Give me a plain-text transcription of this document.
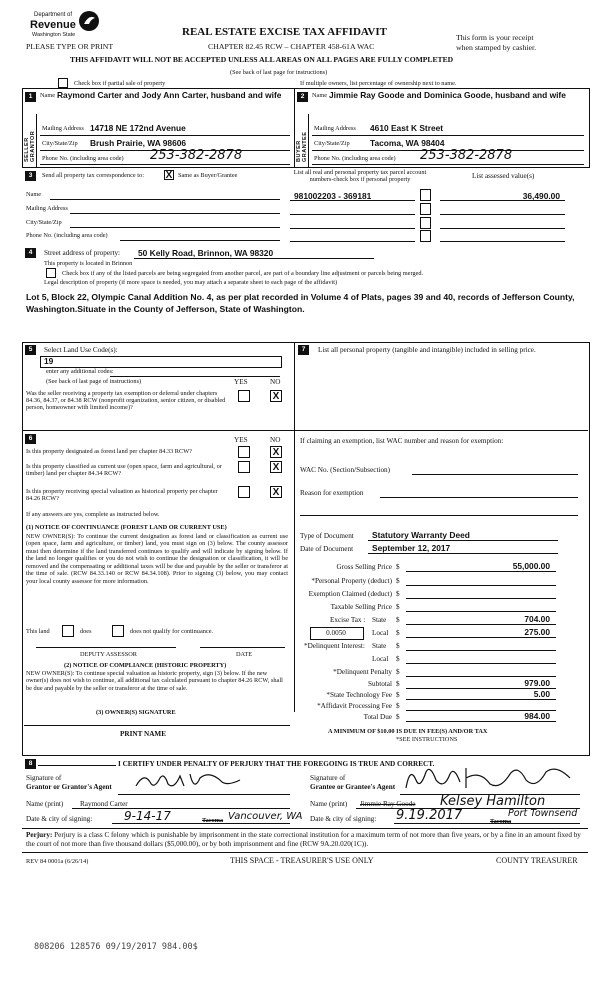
Department of
Revenue
Washington State	REAL ESTATE EXCISE TAX AFFIDAVIT
PLEASE TYPE OR PRINT	CHAPTER 82.45 RCW – CHAPTER 458-61A WAC
This form is your receipt
when stamped by cashier.
THIS AFFIDAVIT WILL NOT BE ACCEPTED UNLESS ALL AREAS ON ALL PAGES ARE FULLY COMPLETED
(See back of last page for instructions)
Check box if partial sale of property	If multiple owners, list percentage of ownership next to name.
1
SELLER GRANTOR
Name Raymond Carter and Jody Ann Carter, husband and wife
Mailing Address 14718 NE 172nd Avenue
City/State/Zip Brush Prairie, WA 98606
Phone No. (including area code) 253-382-2878
2
BUYER GRANTEE
Name Jimmie Ray Goode and Dominica Goode, husband and wife
Mailing Address 4610 East K Street
City/State/Zip Tacoma, WA 98404
Phone No. (including area code) 253-382-2878
3	Send all property tax correspondence to: X Same as Buyer/Grantee	List all real and personal property tax parcel account numbers-check box if personal property	List assessed value(s)
Name
Mailing Address
City/State/Zip
Phone No. (including area code)
981002203 - 369181	36,490.00
4	Street address of property: 50 Kelly Road, Brinnon, WA 98320
This property is located in Brinnon
Check box if any of the listed parcels are being segregated from another parcel, are part of a boundary line adjustment or parcels being merged.
Legal description of property (if more space is needed, you may attach a separate sheet to each page of the affidavit)
Lot 5, Block 22, Olympic Canal Addition No. 4, as per plat recorded in Volume 4 of Plats, pages 39 and 40, records of Jefferson County, Washington.Situate in the County of Jefferson, State of Washington.
5	Select Land Use Code(s):
19
enter any additional codes:
(See back of last page of instructions)	YES	NO
Was the seller receiving a property tax exemption or deferral under chapters 84.36, 84.37, or 84.38 RCW (nonprofit organization, senior citizen, or disabled person, homeowner with limited income)?
X
7	List all personal property (tangible and intangible) included in selling price.
If claiming an exemption, list WAC number and reason for exemption:
WAC No. (Section/Subsection)
Reason for exemption
6	YES	NO
Is this property designated as forest land per chapter 84.33 RCW?	X
Is this property classified as current use (open space, farm and agricultural, or timber) land per chapter 84.34 RCW?
X
Is this property receiving special valuation as historical property per chapter 84.26 RCW?
X
If any answers are yes, complete as instructed below.
(1) NOTICE OF CONTINUANCE (FOREST LAND OR CURRENT USE)
NEW OWNER(S): To continue the current designation as forest land or classification as current use (open space, farm and agriculture, or timber) land, you must sign on (3) below. The county assessor must then determine if the land transferred continues to qualify and will indicate by signing below. If the land no longer qualifies or you do not wish to continue the designation or classification, it will be removed and the compensating or additional taxes will be due and payable by the seller or transferor at the time of sale. (RCW 84.33.140 or RCW 84.34.108). Prior to signing (3) below, you may contact your local county assessor for more information.
This land	does	does not qualify for continuance.
DEPUTY ASSESSOR	DATE
(2) NOTICE OF COMPLIANCE (HISTORIC PROPERTY)
NEW OWNER(S): To continue special valuation as historic property, sign (3) below. If the new owner(s) does not wish to continue, all additional tax calculated pursuant to chapter 84.26 RCW, shall be due and payable by the seller or transferor at the time of sale.
(3) OWNER(S) SIGNATURE
PRINT NAME
Type of Document Statutory Warranty Deed
Date of Document September 12, 2017
Gross Selling Price $	55,000.00
*Personal Property (deduct) $
Exemption Claimed (deduct) $
Taxable Selling Price $
Excise Tax : State $	704.00
0.0050	Local $	275.00
*Delinquent Interest: State $
Local $
*Delinquent Penalty $
Subtotal $	979.00
*State Technology Fee $	5.00
*Affidavit Processing Fee $
Total Due $	984.00
A MINIMUM OF $10.00 IS DUE IN FEE(S) AND/OR TAX
*SEE INSTRUCTIONS
8	I CERTIFY UNDER PENALTY OF PERJURY THAT THE FOREGOING IS TRUE AND CORRECT.
Signature of
Grantor or Grantor's Agent
Signature of
Grantee or Grantee's Agent
Name (print) Raymond Carter	Name (print) Jimmie Ray Goode Kelsey Hamilton
Date & city of signing:	9-14-17	Tacoma Vancouver, WA Date & city of signing: 9.19.2017	Tacoma
Port Townsend
Perjury: Perjury is a class C felony which is punishable by imprisonment in the state correctional institution for a maximum term of not more than five years, or by a fine in an amount fixed by the court of not more than five thousand dollars ($5,000.00), or by both imprisonment and fine (RCW 9A.20.020(1C)).
REV 84 0001a (6/26/14)	THIS SPACE - TREASURER'S USE ONLY	COUNTY TREASURER
808206 128576 09/19/2017 984.00$
